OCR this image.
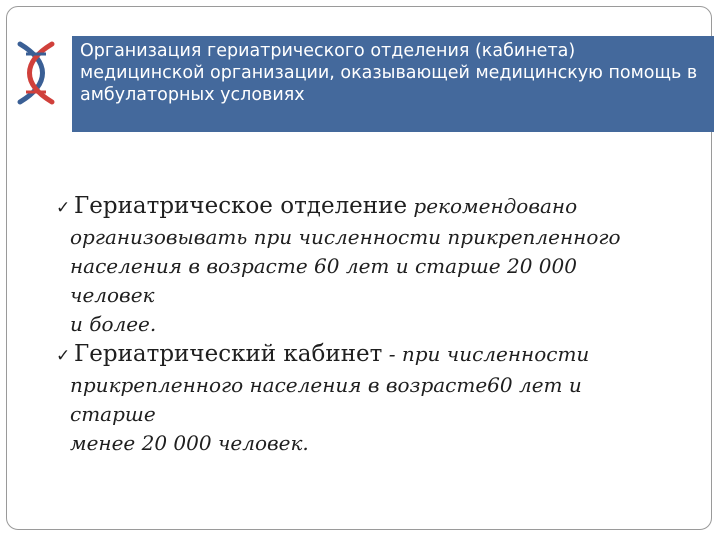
Организация гериатрического отделения (кабинета) медицинской организации, оказывающей медицинскую помощь в амбулаторных условиях
✓ Гериатрическое отделение рекомендовано
организовывать при численности прикрепленного
населения в возрасте 60 лет и старше 20 000 человек
и более.
✓ Гериатрический кабинет - при численности
прикрепленного населения в возрасте60 лет и старше
менее 20 000 человек.
